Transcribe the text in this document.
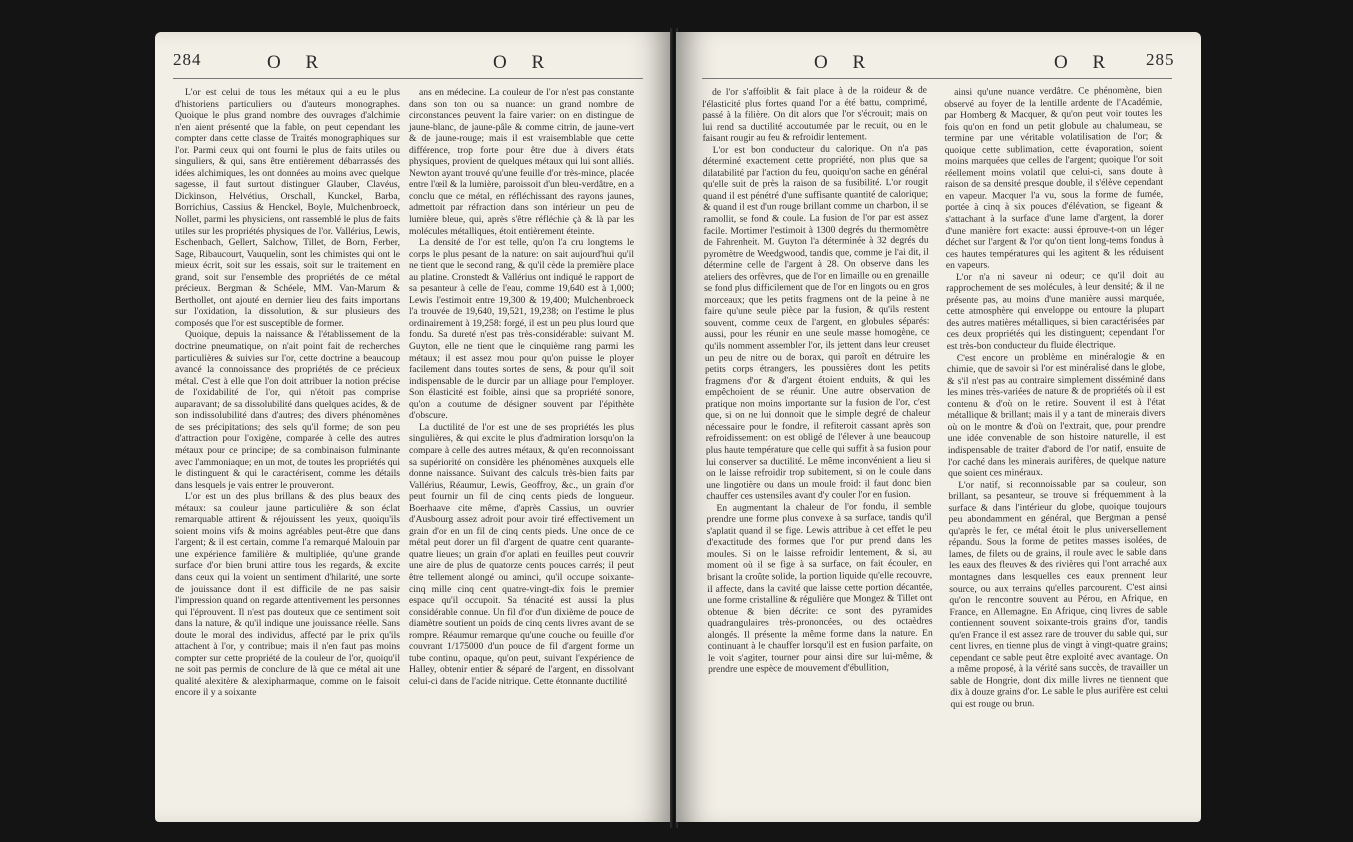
284	O R	O R

L'or est celui de tous les métaux qui a eu le plus d'historiens particuliers ou d'auteurs monographes. Quoique le plus grand nombre des ouvrages d'alchimie n'en aient présenté que la fable, on peut cependant les compter dans cette classe de Traités monographiques sur l'or. Parmi ceux qui ont fourni le plus de faits utiles ou singuliers, & qui, sans être entièrement débarrassés des idées alchimiques, les ont données au moins avec quelque sagesse, il faut surtout distinguer Glauber, Clavéus, Dickinson, Helvétius, Orschall, Kunckel, Barba, Borrichius, Cassius & Henckel, Boyle, Mulchenbroeck, Nollet, parmi les physiciens, ont rassemblé le plus de faits utiles sur les propriétés physiques de l'or. Vallérius, Lewis, Eschenbach, Gellert, Salchow, Tillet, de Born, Ferber, Sage, Ribaucourt, Vauquelin, sont les chimistes qui ont le mieux écrit, soit sur les essais, soit sur le traitement en grand, soit sur l'ensemble des propriétés de ce métal précieux. Bergman & Schéele, MM. Van-Marum & Berthollet, ont ajouté en dernier lieu des faits importans sur l'oxidation, la dissolution, & sur plusieurs des composés que l'or est susceptible de former.

Quoique, depuis la naissance & l'établissement de la doctrine pneumatique, on n'ait point fait de recherches particulières & suivies sur l'or, cette doctrine a beaucoup avancé la connoissance des propriétés de ce précieux métal. C'est à elle que l'on doit attribuer la notion précise de l'oxidabilité de l'or, qui n'étoit pas comprise auparavant; de sa dissolubilité dans quelques acides, & de son indissolubilité dans d'autres; des divers phénomènes de ses précipitations; des sels qu'il forme; de son peu d'attraction pour l'oxigène, comparée à celle des autres métaux pour ce principe; de sa combinaison fulminante avec l'ammoniaque; en un mot, de toutes les propriétés qui le distinguent & qui le caractérisent, comme les détails dans lesquels je vais entrer le prouveront.

L'or est un des plus brillans & des plus beaux des métaux: sa couleur jaune particulière & son éclat remarquable attirent & réjouissent les yeux, quoiqu'ils soient moins vifs & moins agréables peut-être que dans l'argent; & il est certain, comme l'a remarqué Malouin par une expérience familière & multipliée, qu'une grande surface d'or bien bruni attire tous les regards, & excite dans ceux qui la voient un sentiment d'hilarité, une sorte de jouissance dont il est difficile de ne pas saisir l'impression quand on regarde attentivement les personnes qui l'éprouvent. Il n'est pas douteux que ce sentiment soit dans la nature, & qu'il indique une jouissance réelle. Sans doute le moral des individus, affecté par le prix qu'ils attachent à l'or, y contribue; mais il n'en faut pas moins compter sur cette propriété de la couleur de l'or, quoiqu'il ne soit pas permis de conclure de là que ce métal ait une qualité alexitère & alexipharmaque, comme on le faisoit encore il y a soixante

ans en médecine. La couleur de l'or n'est pas constante dans son ton ou sa nuance: un grand nombre de circonstances peuvent la faire varier: on en distingue de jaune-blanc, de jaune-pâle & comme citrin, de jaune-vert & de jaune-rouge; mais il est vraisemblable que cette différence, trop forte pour être due à divers états physiques, provient de quelques métaux qui lui sont alliés. Newton ayant trouvé qu'une feuille d'or très-mince, placée entre l'œil & la lumière, paroissoit d'un bleu-verdâtre, en a conclu que ce métal, en réfléchissant des rayons jaunes, admettoit par réfraction dans son intérieur un peu de lumière bleue, qui, après s'être réfléchie çà & là par les molécules métalliques, étoit entièrement éteinte.

La densité de l'or est telle, qu'on l'a cru longtems le corps le plus pesant de la nature: on sait aujourd'hui qu'il ne tient que le second rang, & qu'il cède la première place au platine. Cronstedt & Vallérius ont indiqué le rapport de sa pesanteur à celle de l'eau, comme 19,640 est à 1,000; Lewis l'estimoit entre 19,300 & 19,400; Mulchenbroeck l'a trouvée de 19,640, 19,521, 19,238; on l'estime le plus ordinairement à 19,258: forgé, il est un peu plus lourd que fondu. Sa dureté n'est pas très-considérable: suivant M. Guyton, elle ne tient que le cinquième rang parmi les métaux; il est assez mou pour qu'on puisse le ployer facilement dans toutes sortes de sens, & pour qu'il soit indispensable de le durcir par un alliage pour l'employer. Son élasticité est foible, ainsi que sa propriété sonore, qu'on a coutume de désigner souvent par l'épithète d'obscure.

La ductilité de l'or est une de ses propriétés les plus singulières, & qui excite le plus d'admiration lorsqu'on la compare à celle des autres métaux, & qu'en reconnoissant sa supériorité on considère les phénomènes auxquels elle donne naissance. Suivant des calculs très-bien faits par Vallérius, Réaumur, Lewis, Geoffroy, &c., un grain d'or peut fournir un fil de cinq cents pieds de longueur. Boerhaave cite même, d'après Cassius, un ouvrier d'Ausbourg assez adroit pour avoir tiré effectivement un grain d'or en un fil de cinq cents pieds. Une once de ce métal peut dorer un fil d'argent de quatre cent quarante-quatre lieues; un grain d'or aplati en feuilles peut couvrir une aire de plus de quatorze cents pouces carrés; il peut être tellement alongé ou aminci, qu'il occupe soixante-cinq mille cinq cent quatre-vingt-dix fois le premier espace qu'il occupoit. Sa ténacité est aussi la plus considérable connue. Un fil d'or d'un dixième de pouce de diamètre soutient un poids de cinq cents livres avant de se rompre. Réaumur remarque qu'une couche ou feuille d'or couvrant 1/175000 d'un pouce de fil d'argent forme un tube continu, opaque, qu'on peut, suivant l'expérience de Halley, obtenir entier & séparé de l'argent, en dissolvant celui-ci dans de l'acide nitrique. Cette étonnante ductilité

O R	O R 285

de l'or s'affoiblit & fait place à de la roideur & de l'élasticité plus fortes quand l'or a été battu, comprimé, passé à la filière. On dit alors que l'or s'écrouit; mais on lui rend sa ductilité accoutumée par le recuit, ou en le faisant rougir au feu & refroidir lentement.

L'or est bon conducteur du calorique. On n'a pas déterminé exactement cette propriété, non plus que sa dilatabilité par l'action du feu, quoiqu'on sache en général qu'elle suit de près la raison de sa fusibilité. L'or rougit quand il est pénétré d'une suffisante quantité de calorique; & quand il est d'un rouge brillant comme un charbon, il se ramollit, se fond & coule. La fusion de l'or par est assez facile. Mortimer l'estimoit à 1300 degrés du thermomètre de Fahrenheit. M. Guyton l'a déterminée à 32 degrés du pyromètre de Weedgwood, tandis que, comme je l'ai dit, il détermine celle de l'argent à 28. On observe dans les ateliers des orfèvres, que de l'or en limaille ou en grenaille se fond plus difficilement que de l'or en lingots ou en gros morceaux; que les petits fragmens ont de la peine à ne faire qu'une seule pièce par la fusion, & qu'ils restent souvent, comme ceux de l'argent, en globules séparés: aussi, pour les réunir en une seule masse homogène, ce qu'ils nomment assembler l'or, ils jettent dans leur creuset un peu de nitre ou de borax, qui paroît en détruire les petits corps étrangers, les poussières dont les petits fragmens d'or & d'argent étoient enduits, & qui les empêchoient de se réunir. Une autre observation de pratique non moins importante sur la fusion de l'or, c'est que, si on ne lui donnoit que le simple degré de chaleur nécessaire pour le fondre, il refiteroit cassant après son refroidissement: on est obligé de l'élever à une beaucoup plus haute température que celle qui suffit à sa fusion pour lui conserver sa ductilité. Le même inconvénient a lieu si on le laisse refroidir trop subitement, si on le coule dans une lingotière ou dans un moule froid: il faut donc bien chauffer ces ustensiles avant d'y couler l'or en fusion.

En augmentant la chaleur de l'or fondu, il semble prendre une forme plus convexe à sa surface, tandis qu'il s'aplatit quand il se fige. Lewis attribue à cet effet le peu d'exactitude des formes que l'or pur prend dans les moules. Si on le laisse refroidir lentement, & si, au moment où il se fige à sa surface, on fait écouler, en brisant la croûte solide, la portion liquide qu'elle recouvre, il affecte, dans la cavité que laisse cette portion décantée, une forme cristalline & régulière que Mongez & Tillet ont obtenue & bien décrite: ce sont des pyramides quadrangulaires très-prononcées, ou des octaèdres alongés. Il présente la même forme dans la nature. En continuant à le chauffer lorsqu'il est en fusion parfaite, on le voit s'agiter, tourner pour ainsi dire sur lui-même, & prendre une espèce de mouvement d'ébullition,

ainsi qu'une nuance verdâtre. Ce phénomène, bien observé au foyer de la lentille ardente de l'Académie, par Homberg & Macquer, & qu'on peut voir toutes les fois qu'on en fond un petit globule au chalumeau, se termine par une véritable volatilisation de l'or; & quoique cette sublimation, cette évaporation, soient moins marquées que celles de l'argent; quoique l'or soit réellement moins volatil que celui-ci, sans doute à raison de sa densité presque double, il s'élève cependant en vapeur. Macquer l'a vu, sous la forme de fumée, portée à cinq à six pouces d'élévation, se figeant & s'attachant à la surface d'une lame d'argent, la dorer d'une manière fort exacte: aussi éprouve-t-on un léger déchet sur l'argent & l'or qu'on tient long-tems fondus à ces hautes températures qui les agitent & les réduisent en vapeurs.

L'or n'a ni saveur ni odeur; ce qu'il doit au rapprochement de ses molécules, à leur densité; & il ne présente pas, au moins d'une manière aussi marquée, cette atmosphère qui enveloppe ou entoure la plupart des autres matières métalliques, si bien caractérisées par ces deux propriétés qui les distinguent; cependant l'or est très-bon conducteur du fluide électrique.

C'est encore un problème en minéralogie & en chimie, que de savoir si l'or est minéralisé dans le globe, & s'il n'est pas au contraire simplement disséminé dans les mines très-variées de nature & de propriétés où il est contenu & d'où on le retire. Souvent il est à l'état métallique & brillant; mais il y a tant de minerais divers où on le montre & d'où on l'extrait, que, pour prendre une idée convenable de son histoire naturelle, il est indispensable de traiter d'abord de l'or natif, ensuite de l'or caché dans les minerais aurifères, de quelque nature que soient ces minéraux.

L'or natif, si reconnoissable par sa couleur, son brillant, sa pesanteur, se trouve si fréquemment à la surface & dans l'intérieur du globe, quoique toujours peu abondamment en général, que Bergman a pensé qu'après le fer, ce métal étoit le plus universellement répandu. Sous la forme de petites masses isolées, de lames, de filets ou de grains, il roule avec le sable dans les eaux des fleuves & des rivières qui l'ont arraché aux montagnes dans lesquelles ces eaux prennent leur source, ou aux terrains qu'elles parcourent. C'est ainsi qu'on le rencontre souvent au Pérou, en Afrique, en France, en Allemagne. En Afrique, cinq livres de sable contiennent souvent soixante-trois grains d'or, tandis qu'en France il est assez rare de trouver du sable qui, sur cent livres, en tienne plus de vingt à vingt-quatre grains; cependant ce sable peut être exploité avec avantage. On a même proposé, à la vérité sans succès, de travailler un sable de Hongrie, dont dix mille livres ne tiennent que dix à douze grains d'or. Le sable le plus aurifère est celui qui est rouge ou brun.
